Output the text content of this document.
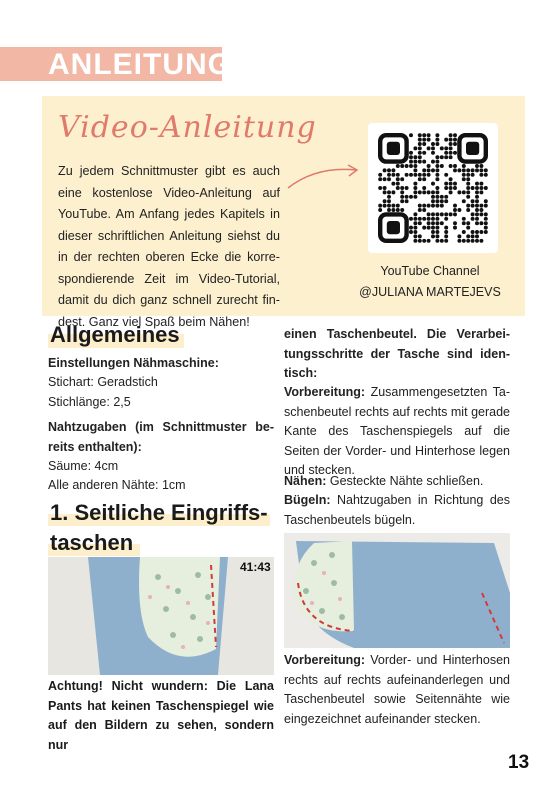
ANLEITUNG
Video-Anleitung
Zu jedem Schnittmuster gibt es auch eine kostenlose Video-Anleitung auf YouTube. Am Anfang jedes Kapitels in dieser schriftlichen Anleitung siehst du in der rechten oberen Ecke die korre-spondierende Zeit im Video-Tutorial, damit du dich ganz schnell zurecht fin-dest. Ganz viel Spaß beim Nähen!
YouTube Channel
@JULIANA MARTEJEVS
Allgemeines
Einstellungen Nähmaschine:
Stichart: Geradstich
Stichlänge: 2,5
Nahtzugaben (im Schnittmuster be-reits enthalten):
Säume: 4cm
Alle anderen Nähte: 1cm
1. Seitliche Eingriffs-taschen
41:43
Achtung! Nicht wundern: Die Lana Pants hat keinen Taschenspiegel wie auf den Bildern zu sehen, sondern nur
einen Taschenbeutel. Die Verarbei-tungsschritte der Tasche sind iden-tisch:
Vorbereitung: Zusammengesetzten Ta-schenbeutel rechts auf rechts mit gerade Kante des Taschenspiegels auf die Seiten der Vorder- und Hinterhose legen und stecken.
Nähen: Gesteckte Nähte schließen.
Bügeln: Nahtzugaben in Richtung des Taschenbeutels bügeln.
Vorbereitung: Vorder- und Hinterhosen rechts auf rechts aufeinanderlegen und Taschenbeutel sowie Seitennähte wie eingezeichnet aufeinander stecken.
13
